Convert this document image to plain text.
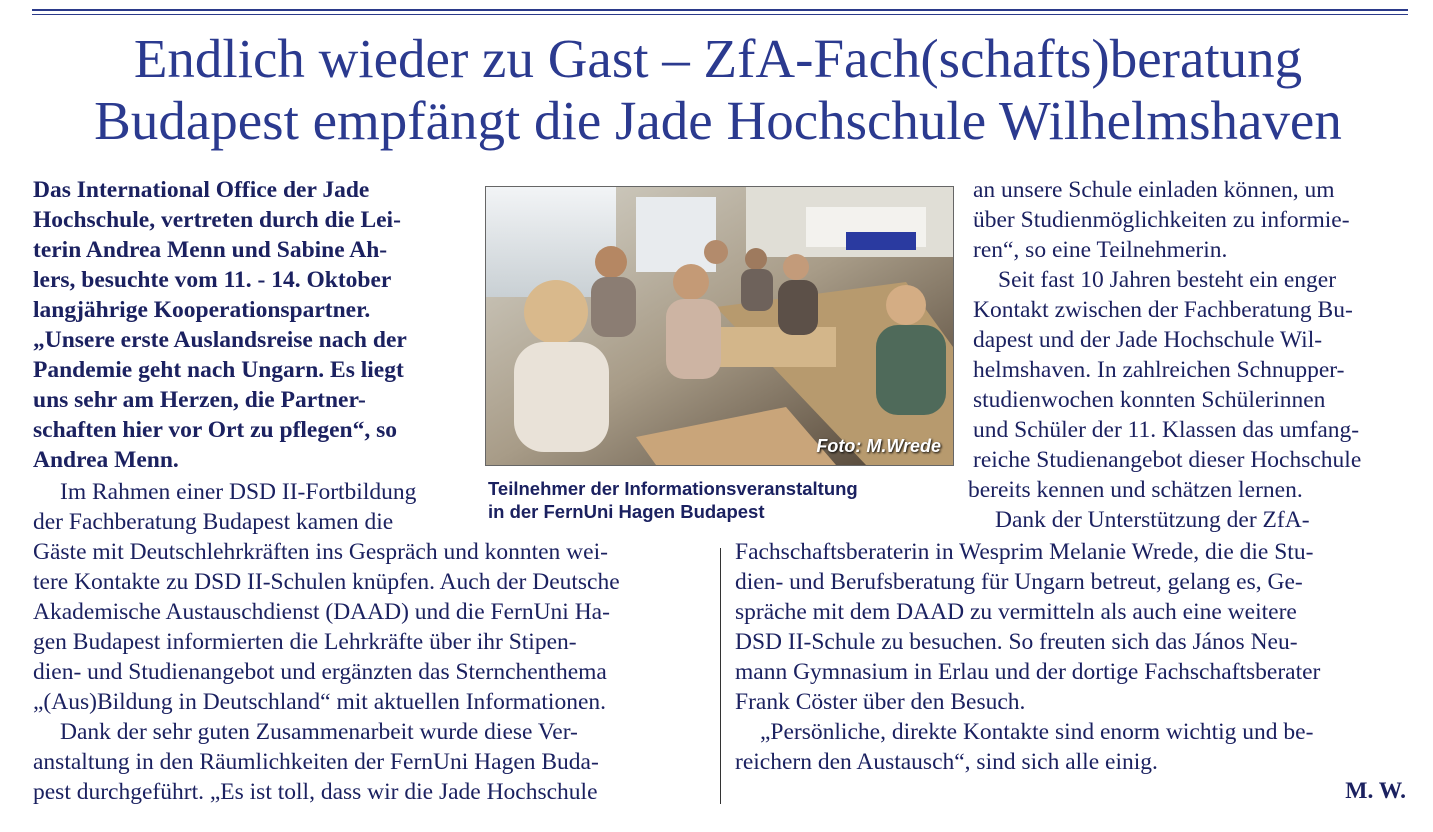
Endlich wieder zu Gast – ZfA-Fach(schafts)beratung
Budapest empfängt die Jade Hochschule Wilhelmshaven

Das International Office der Jade

Hochschule, vertreten durch die Lei-

terin Andrea Menn und Sabine Ah-

lers, besuchte vom 11. - 14. Oktober

langjährige Kooperationspartner.

„Unsere erste Auslandsreise nach der

Pandemie geht nach Ungarn. Es liegt

uns sehr am Herzen, die Partner-

schaften hier vor Ort zu pflegen“, so

Andrea Menn.

Im Rahmen einer DSD II-Fortbildung

der Fachberatung Budapest kamen die

Foto: M.Wrede

Teilnehmer der Informationsveranstaltung

in der FernUni Hagen Budapest

Gäste mit Deutschlehrkräften ins Gespräch und konnten wei-

tere Kontakte zu DSD II-Schulen knüpfen. Auch der Deutsche

Akademische Austauschdienst (DAAD) und die FernUni Ha-

gen Budapest informierten die Lehrkräfte über ihr Stipen-

dien- und Studienangebot und ergänzten das Sternchenthema

„(Aus)Bildung in Deutschland“ mit aktuellen Informationen.

Dank der sehr guten Zusammenarbeit wurde diese Ver-

anstaltung in den Räumlichkeiten der FernUni Hagen Buda-

pest durchgeführt. „Es ist toll, dass wir die Jade Hochschule

an unsere Schule einladen können, um

über Studienmöglichkeiten zu informie-

ren“, so eine Teilnehmerin.

Seit fast 10 Jahren besteht ein enger

Kontakt zwischen der Fachberatung Bu-

dapest und der Jade Hochschule Wil-

helmshaven. In zahlreichen Schnupper-

studienwochen konnten Schülerinnen

und Schüler der 11. Klassen das umfang-

reiche Studienangebot dieser Hochschule

bereits kennen und schätzen lernen.

Dank der Unterstützung der ZfA-

Fachschaftsberaterin in Wesprim Melanie Wrede, die die Stu-

dien- und Berufsberatung für Ungarn betreut, gelang es, Ge-

spräche mit dem DAAD zu vermitteln als auch eine weitere

DSD II-Schule zu besuchen. So freuten sich das János Neu-

mann Gymnasium in Erlau und der dortige Fachschaftsberater

Frank Cöster über den Besuch.

„Persönliche, direkte Kontakte sind enorm wichtig und be-

reichern den Austausch“, sind sich alle einig.

M. W.
